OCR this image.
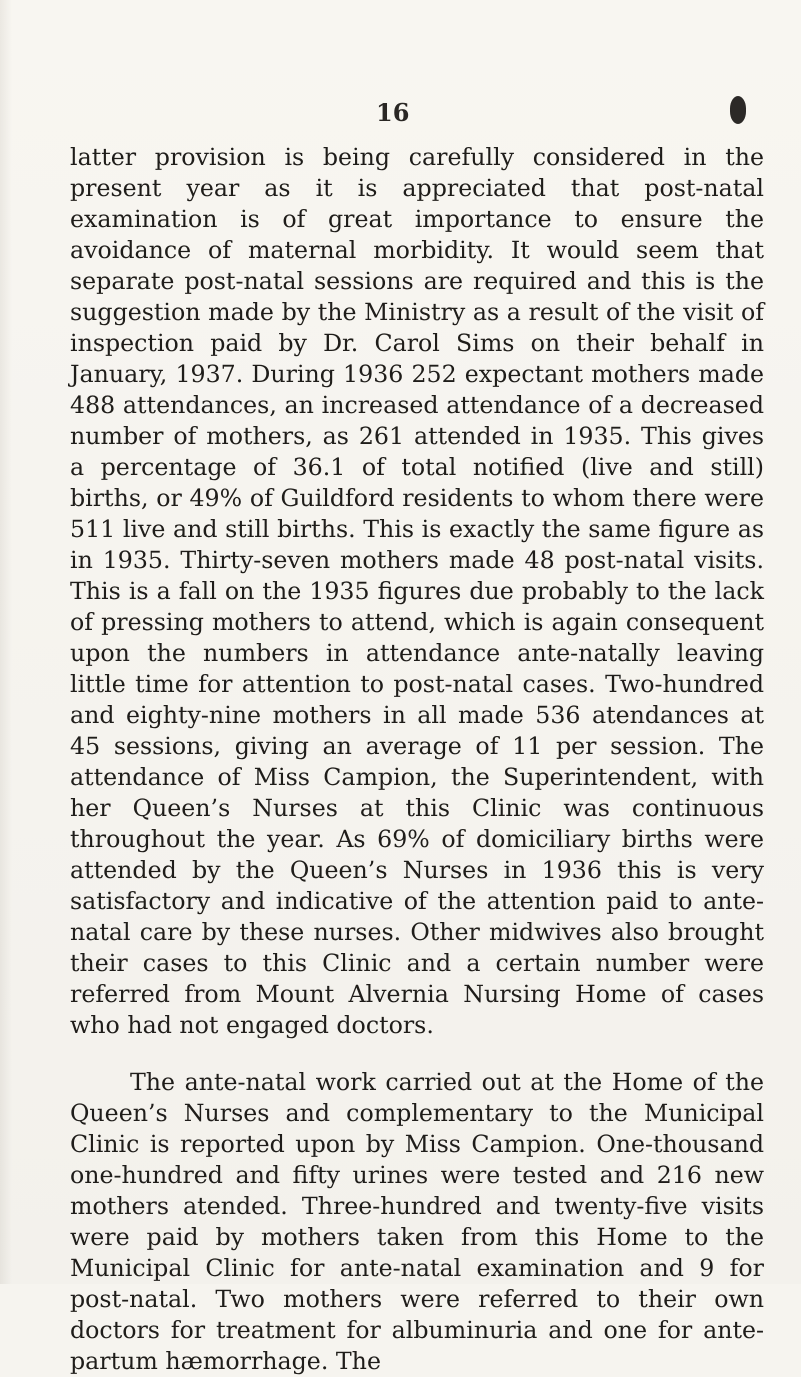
16

latter provision is being carefully considered in the present year as it is appreciated that post-natal examination is of great importance to ensure the avoidance of maternal morbidity. It would seem that separate post-natal sessions are required and this is the suggestion made by the Ministry as a result of the visit of inspection paid by Dr. Carol Sims on their behalf in January, 1937. During 1936 252 expectant mothers made 488 attendances, an increased attendance of a decreased number of mothers, as 261 attended in 1935. This gives a percentage of 36.1 of total notified (live and still) births, or 49% of Guildford residents to whom there were 511 live and still births. This is exactly the same figure as in 1935. Thirty-seven mothers made 48 post-natal visits. This is a fall on the 1935 figures due probably to the lack of pressing mothers to attend, which is again consequent upon the numbers in attendance ante-natally leaving little time for attention to post-natal cases. Two-hundred and eighty-nine mothers in all made 536 atendances at 45 sessions, giving an average of 11 per session. The attendance of Miss Campion, the Superintendent, with her Queen’s Nurses at this Clinic was continuous throughout the year. As 69% of domiciliary births were attended by the Queen’s Nurses in 1936 this is very satisfactory and indicative of the attention paid to ante-natal care by these nurses. Other midwives also brought their cases to this Clinic and a certain number were referred from Mount Alvernia Nursing Home of cases who had not engaged doctors.

The ante-natal work carried out at the Home of the Queen’s Nurses and complementary to the Municipal Clinic is reported upon by Miss Campion. One-thousand one-hundred and fifty urines were tested and 216 new mothers atended. Three-hundred and twenty-five visits were paid by mothers taken from this Home to the Municipal Clinic for ante-natal examination and 9 for post-natal. Two mothers were referred to their own doctors for treatment for albuminuria and one for ante-partum hæmorrhage. The
